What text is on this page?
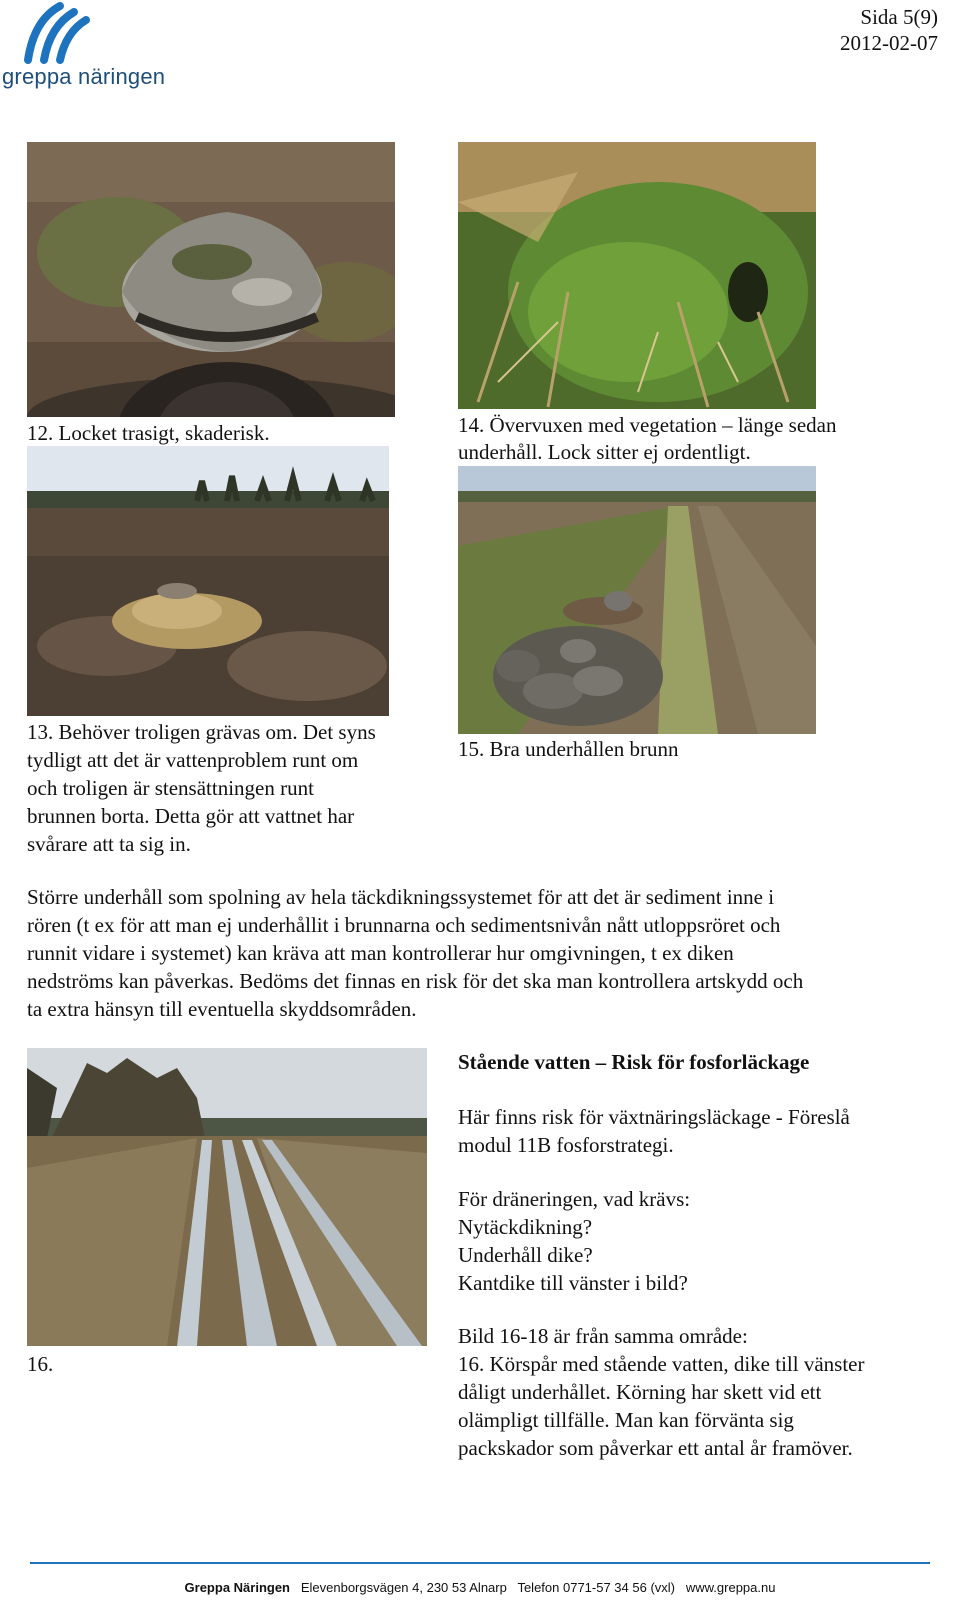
greppa näringen
Sida 5(9)
2012-02-07
12. Locket trasigt, skaderisk.	14. Övervuxen med vegetation – länge sedan
underhåll. Lock sitter ej ordentligt.
13. Behöver troligen grävas om. Det syns
tydligt att det är vattenproblem runt om
och troligen är stensättningen runt
brunnen borta. Detta gör att vattnet har
svårare att ta sig in.
15. Bra underhållen brunn
Större underhåll som spolning av hela täckdikningssystemet för att det är sediment inne i
rören (t ex för att man ej underhållit i brunnarna och sedimentsnivån nått utloppsröret och
runnit vidare i systemet) kan kräva att man kontrollerar hur omgivningen, t ex diken
nedströms kan påverkas. Bedöms det finnas en risk för det ska man kontrollera artskydd och
ta extra hänsyn till eventuella skyddsområden.
16.
Stående vatten – Risk för fosforläckage
Här finns risk för växtnäringsläckage - Föreslå
modul 11B fosforstrategi.
För dräneringen, vad krävs:
Nytäckdikning?
Underhåll dike?
Kantdike till vänster i bild?
Bild 16-18 är från samma område:
16. Körspår med stående vatten, dike till vänster
dåligt underhållet. Körning har skett vid ett
olämpligt tillfälle. Man kan förvänta sig
packskador som påverkar ett antal år framöver.
Greppa Näringen Elevenborgsvägen 4, 230 53 Alnarp Telefon 0771-57 34 56 (vxl) www.greppa.nu
